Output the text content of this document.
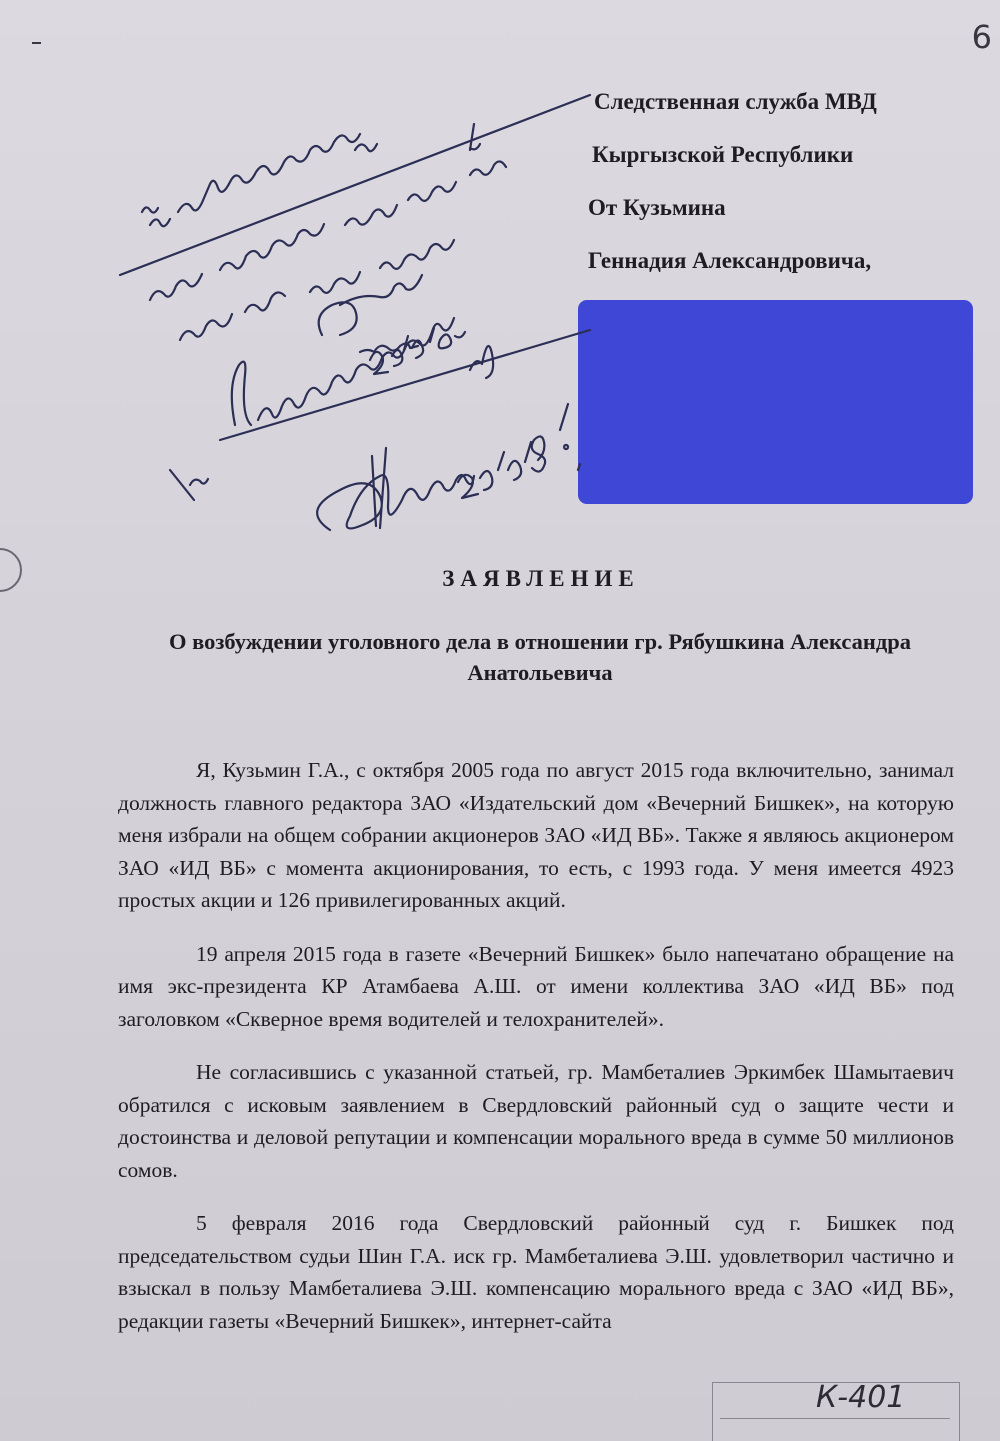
6
Следственная служба МВД
Кыргызской Республики
От Кузьмина
Геннадия Александровича,
ЗАЯВЛЕНИЕ
О возбуждении уголовного дела в отношении гр. Рябушкина Александра Анатольевича

Я, Кузьмин Г.А., с октября 2005 года по август 2015 года включительно, занимал должность главного редактора ЗАО «Издательский дом «Вечерний Бишкек», на которую меня избрали на общем собрании акционеров ЗАО «ИД ВБ». Также я являюсь акционером ЗАО «ИД ВБ» с момента акционирования, то есть, с 1993 года. У меня имеется 4923 простых акции и 126 привилегированных акций.

19 апреля 2015 года в газете «Вечерний Бишкек» было напечатано обращение на имя экс-президента КР Атамбаева А.Ш. от имени коллектива ЗАО «ИД ВБ» под заголовком «Скверное время водителей и телохранителей».

Не согласившись с указанной статьей, гр. Мамбеталиев Эркимбек Шамытаевич обратился с исковым заявлением в Свердловский районный суд о защите чести и достоинства и деловой репутации и компенсации морального вреда в сумме 50 миллионов сомов.

5 февраля 2016 года Свердловский районный суд г. Бишкек под председательством судьи Шин Г.А. иск гр. Мамбеталиева Э.Ш. удовлетворил частично и взыскал в пользу Мамбеталиева Э.Ш. компенсацию морального вреда с ЗАО «ИД ВБ», редакции газеты «Вечерний Бишкек», интернет-сайта

К-401
